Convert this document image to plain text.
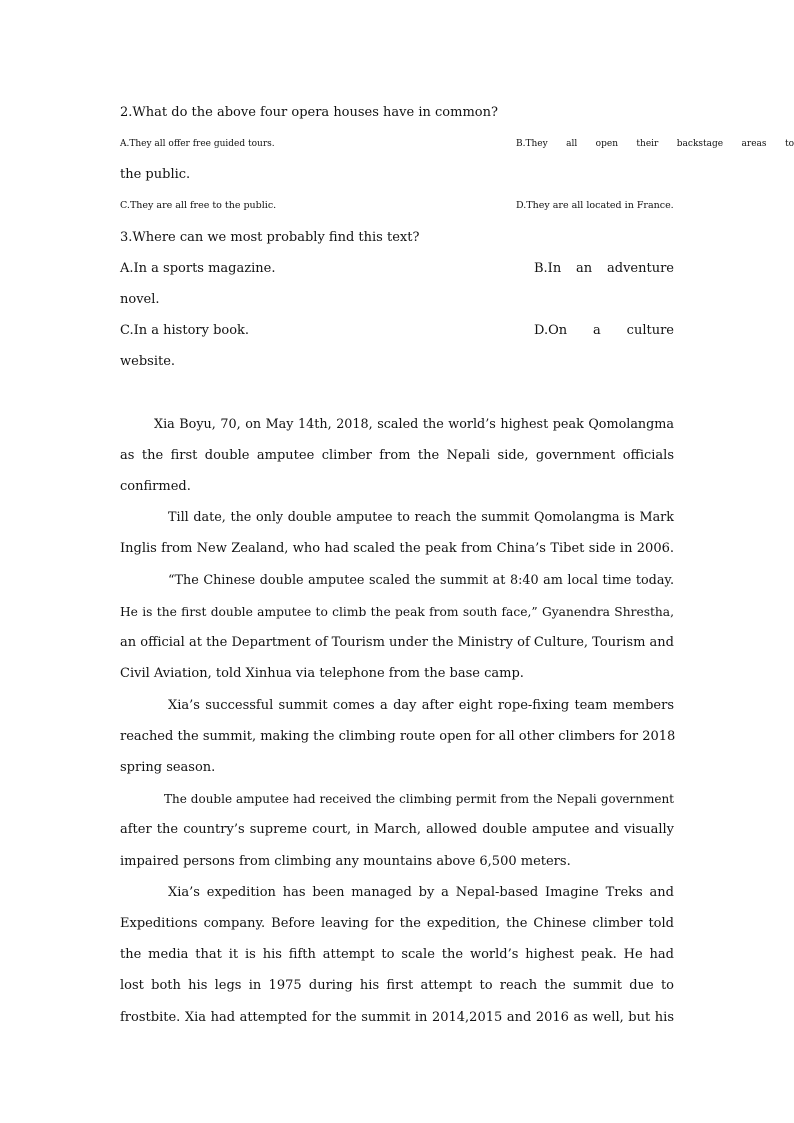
2.What do the above four opera houses have in common?
A.They all offer free guided tours.	B.They all open their backstage areas to
the public.
C.They are all free to the public.	D.They are all located in France.
3.Where can we most probably find this text?
A.In a sports magazine.	B.In an adventure
novel.
C.In a history book.	D.On a culture
website.
Xia Boyu, 70, on May 14th, 2018, scaled the world’s highest peak Qomolangma
as the first double amputee climber from the Nepali side, government officials
confirmed.
Till date, the only double amputee to reach the summit Qomolangma is Mark
Inglis from New Zealand, who had scaled the peak from China’s Tibet side in 2006.
“The Chinese double amputee scaled the summit at 8:40 am local time today.
He is the first double amputee to climb the peak from south face,” Gyanendra Shrestha,
an official at the Department of Tourism under the Ministry of Culture, Tourism and
Civil Aviation, told Xinhua via telephone from the base camp.
Xia’s successful summit comes a day after eight rope-fixing team members
reached the summit, making the climbing route open for all other climbers for 2018
spring season.
The double amputee had received the climbing permit from the Nepali government
after the country’s supreme court, in March, allowed double amputee and visually
impaired persons from climbing any mountains above 6,500 meters.
Xia’s expedition has been managed by a Nepal-based Imagine Treks and
Expeditions company. Before leaving for the expedition, the Chinese climber told
the media that it is his fifth attempt to scale the world’s highest peak. He had
lost both his legs in 1975 during his first attempt to reach the summit due to
frostbite. Xia had attempted for the summit in 2014,2015 and 2016 as well, but his
